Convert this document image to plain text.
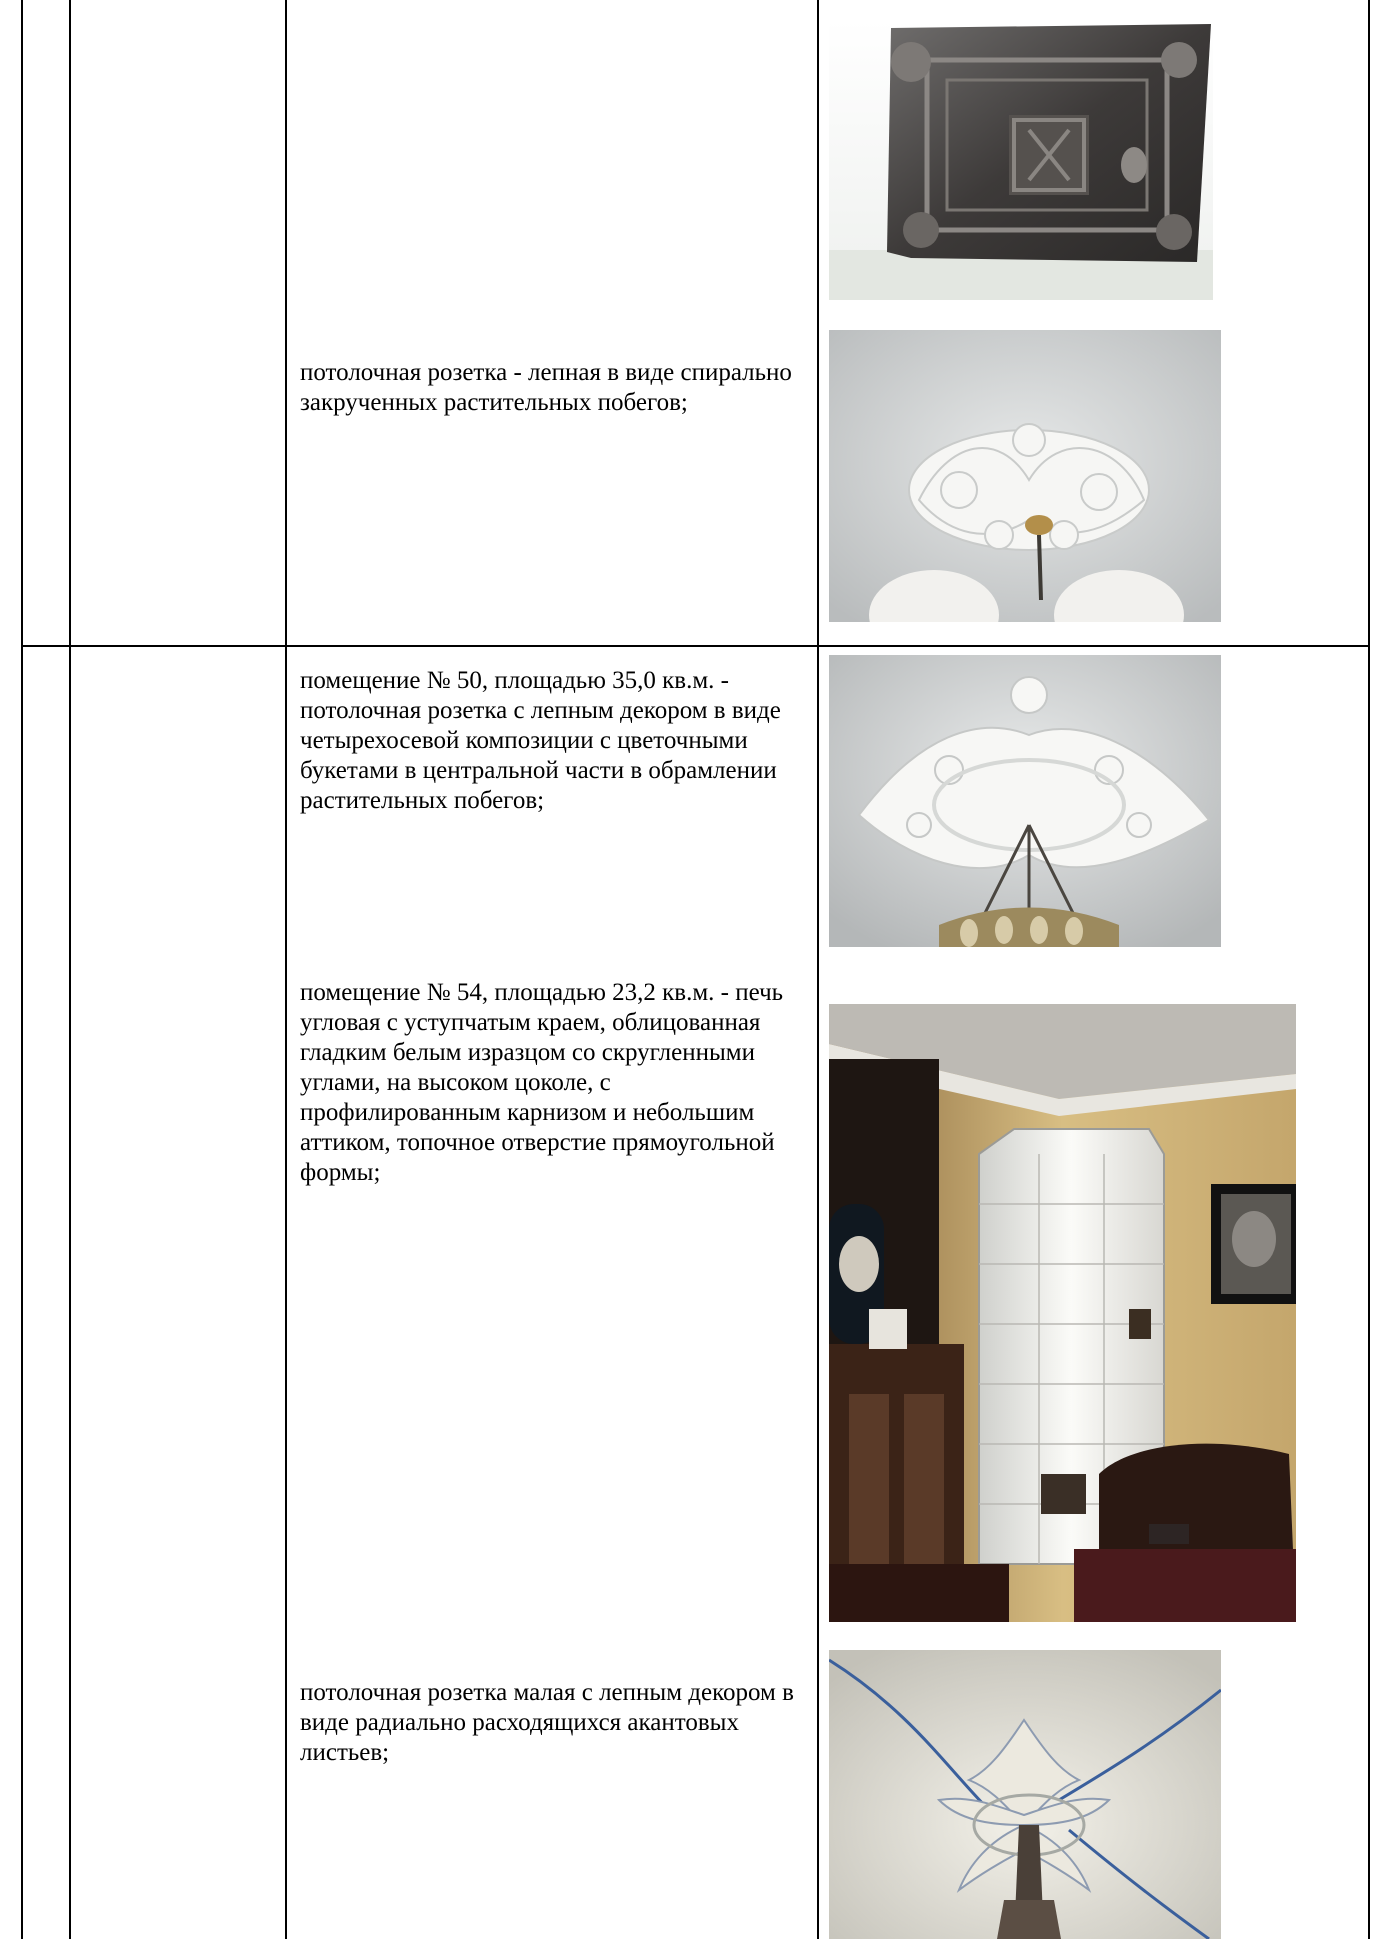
потолочная розетка - лепная в виде спирально закрученных растительных побегов;
помещение № 50, площадью 35,0 кв.м. - потолочная розетка с лепным декором в виде четырехосевой композиции с цветочными букетами в центральной части в обрамлении растительных побегов;
помещение № 54, площадью 23,2 кв.м. - печь угловая с уступчатым краем, облицованная гладким белым изразцом со скругленными углами, на высоком цоколе, с профилированным карнизом и небольшим аттиком, топочное отверстие прямоугольной формы;
потолочная розетка малая с лепным декором в виде радиально расходящихся акантовых листьев;
